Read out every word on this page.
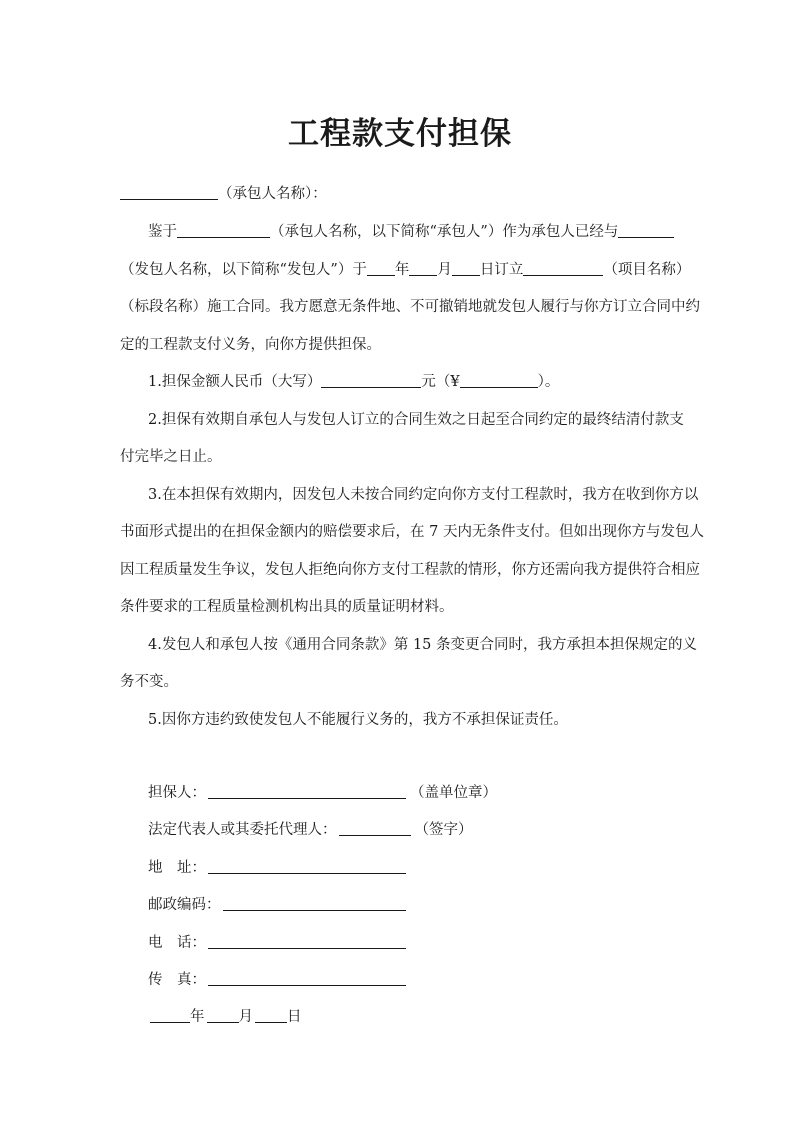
工程款支付担保
（承包人名称）：
鉴于	（承包人名称，以下简称“承包人”）作为承包人已经与
（发包人名称，以下简称“发包人”）于 年 月 日订立	（项目名称）
（标段名称）施工合同。我方愿意无条件地、不可撤销地就发包人履行与你方订立合同中约
定的工程款支付义务，向你方提供担保。
1.担保金额人民币（大写）	元（¥	）。
2.担保有效期自承包人与发包人订立的合同生效之日起至合同约定的最终结清付款支
付完毕之日止。
3.在本担保有效期内，因发包人未按合同约定向你方支付工程款时，我方在收到你方以
书面形式提出的在担保金额内的赔偿要求后，在 7 天内无条件支付。但如出现你方与发包人
因工程质量发生争议，发包人拒绝向你方支付工程款的情形，你方还需向我方提供符合相应
条件要求的工程质量检测机构出具的质量证明材料。
4.发包人和承包人按《通用合同条款》第 15 条变更合同时，我方承担本担保规定的义
务不变。
5.因你方违约致使发包人不能履行义务的，我方不承担保证责任。
担保人：	（盖单位章）
法定代表人或其委托代理人：	（签字）
地　址：
邮政编码：
电　话：
传　真：
年 月 日
